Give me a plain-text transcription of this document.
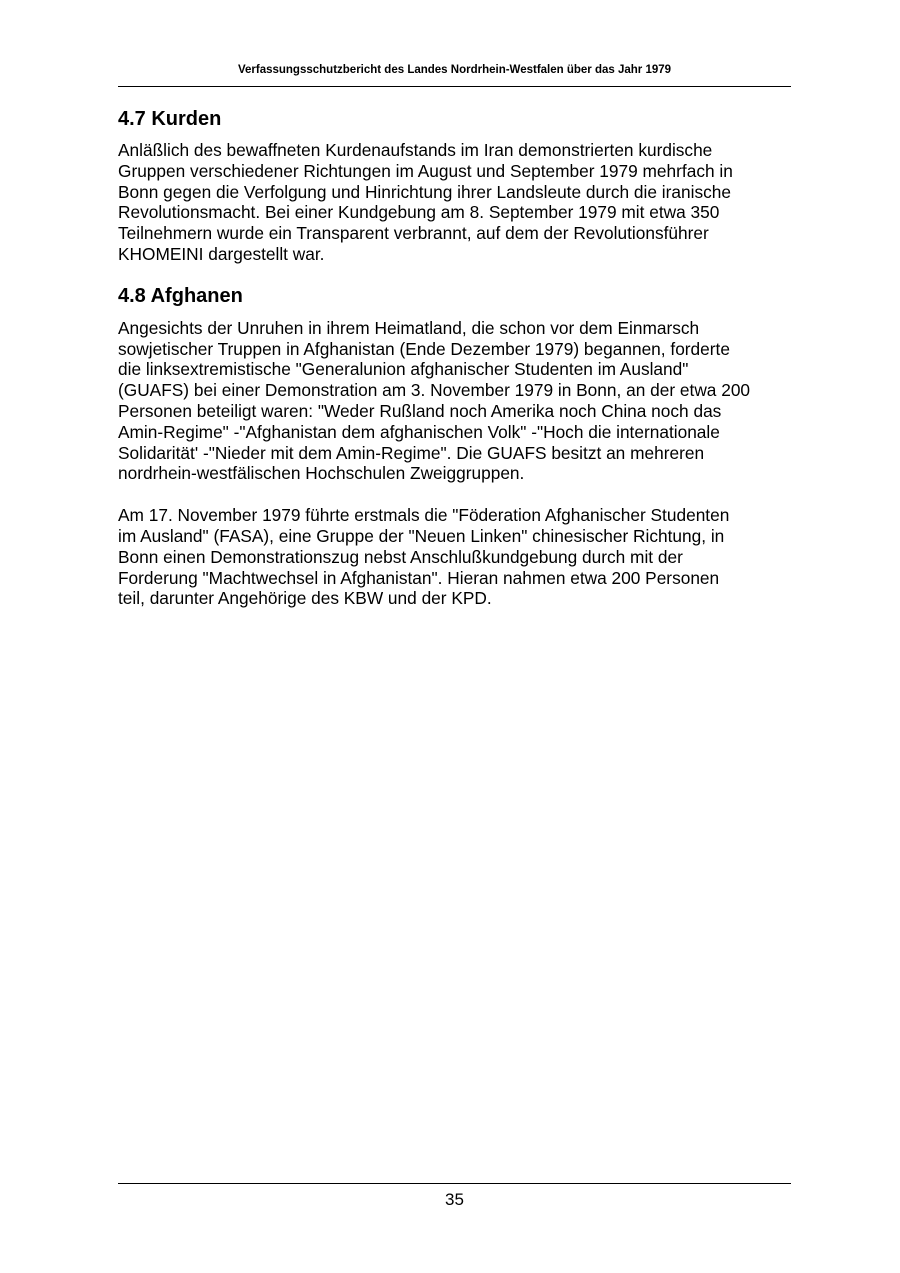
Verfassungsschutzbericht des Landes Nordrhein-Westfalen über das Jahr 1979
4.7 Kurden

Anläßlich des bewaffneten Kurdenaufstands im Iran demonstrierten kurdische
Gruppen verschiedener Richtungen im August und September 1979 mehrfach in
Bonn gegen die Verfolgung und Hinrichtung ihrer Landsleute durch die iranische
Revolutionsmacht. Bei einer Kundgebung am 8. September 1979 mit etwa 350
Teilnehmern wurde ein Transparent verbrannt, auf dem der Revolutionsführer
KHOMEINI dargestellt war.

4.8 Afghanen

Angesichts der Unruhen in ihrem Heimatland, die schon vor dem Einmarsch
sowjetischer Truppen in Afghanistan (Ende Dezember 1979) begannen, forderte
die linksextremistische "Generalunion afghanischer Studenten im Ausland"
(GUAFS) bei einer Demonstration am 3. November 1979 in Bonn, an der etwa 200
Personen beteiligt waren: "Weder Rußland noch Amerika noch China noch das
Amin-Regime" -"Afghanistan dem afghanischen Volk" -"Hoch die internationale
Solidarität' -"Nieder mit dem Amin-Regime". Die GUAFS besitzt an mehreren
nordrhein-westfälischen Hochschulen Zweiggruppen.

Am 17. November 1979 führte erstmals die "Föderation Afghanischer Studenten
im Ausland" (FASA), eine Gruppe der "Neuen Linken" chinesischer Richtung, in
Bonn einen Demonstrationszug nebst Anschlußkundgebung durch mit der
Forderung "Machtwechsel in Afghanistan". Hieran nahmen etwa 200 Personen
teil, darunter Angehörige des KBW und der KPD.

35
